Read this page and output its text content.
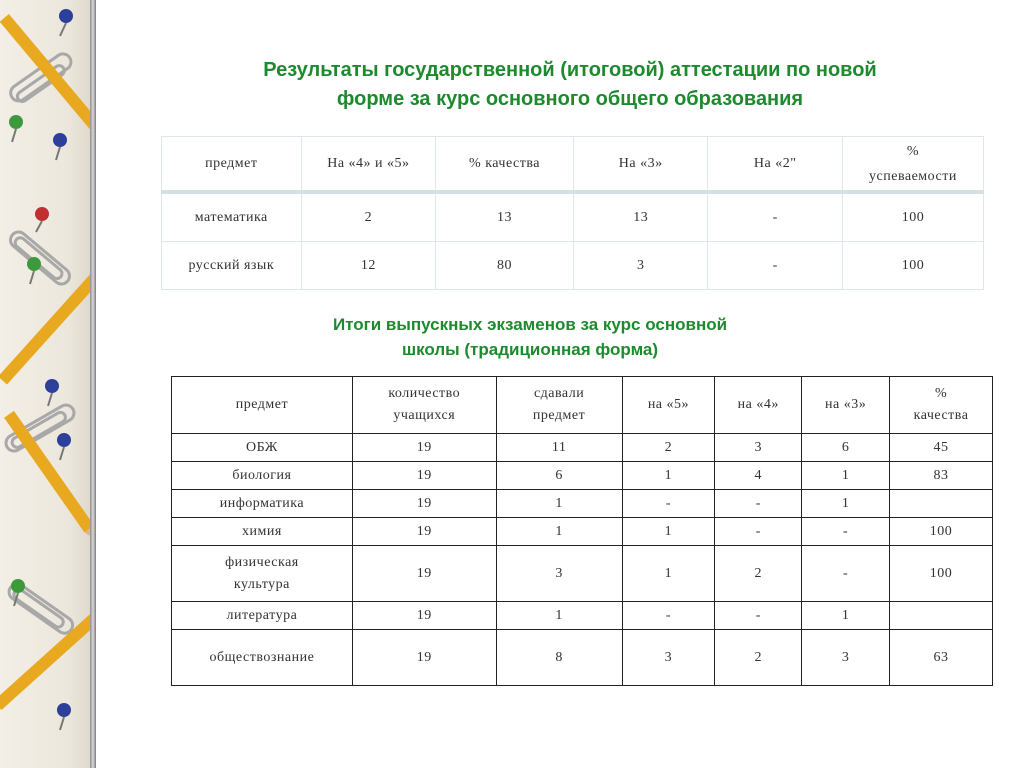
Результаты государственной (итоговой) аттестации по новой
форме за курс основного общего образования
предмет	На «4» и «5»	% качества	На «3»	На «2"	%
успеваемости
математика	2	13	13	-	100
русский язык	12	80	3	-	100
Итоги выпускных экзаменов за курс основной
школы (традиционная форма)
предмет	количество
учащихся	сдавали
предмет	на «5»	на «4»	на «3»	%
качества
ОБЖ	19	11	2	3	6	45
биология	19	6	1	4	1	83
информатика	19	1	-	-	1	
химия	19	1	1	-	-	100
физическая
культура	19	3	1	2	-	100
литература	19	1	-	-	1	
обществознание	19	8	3	2	3	63
